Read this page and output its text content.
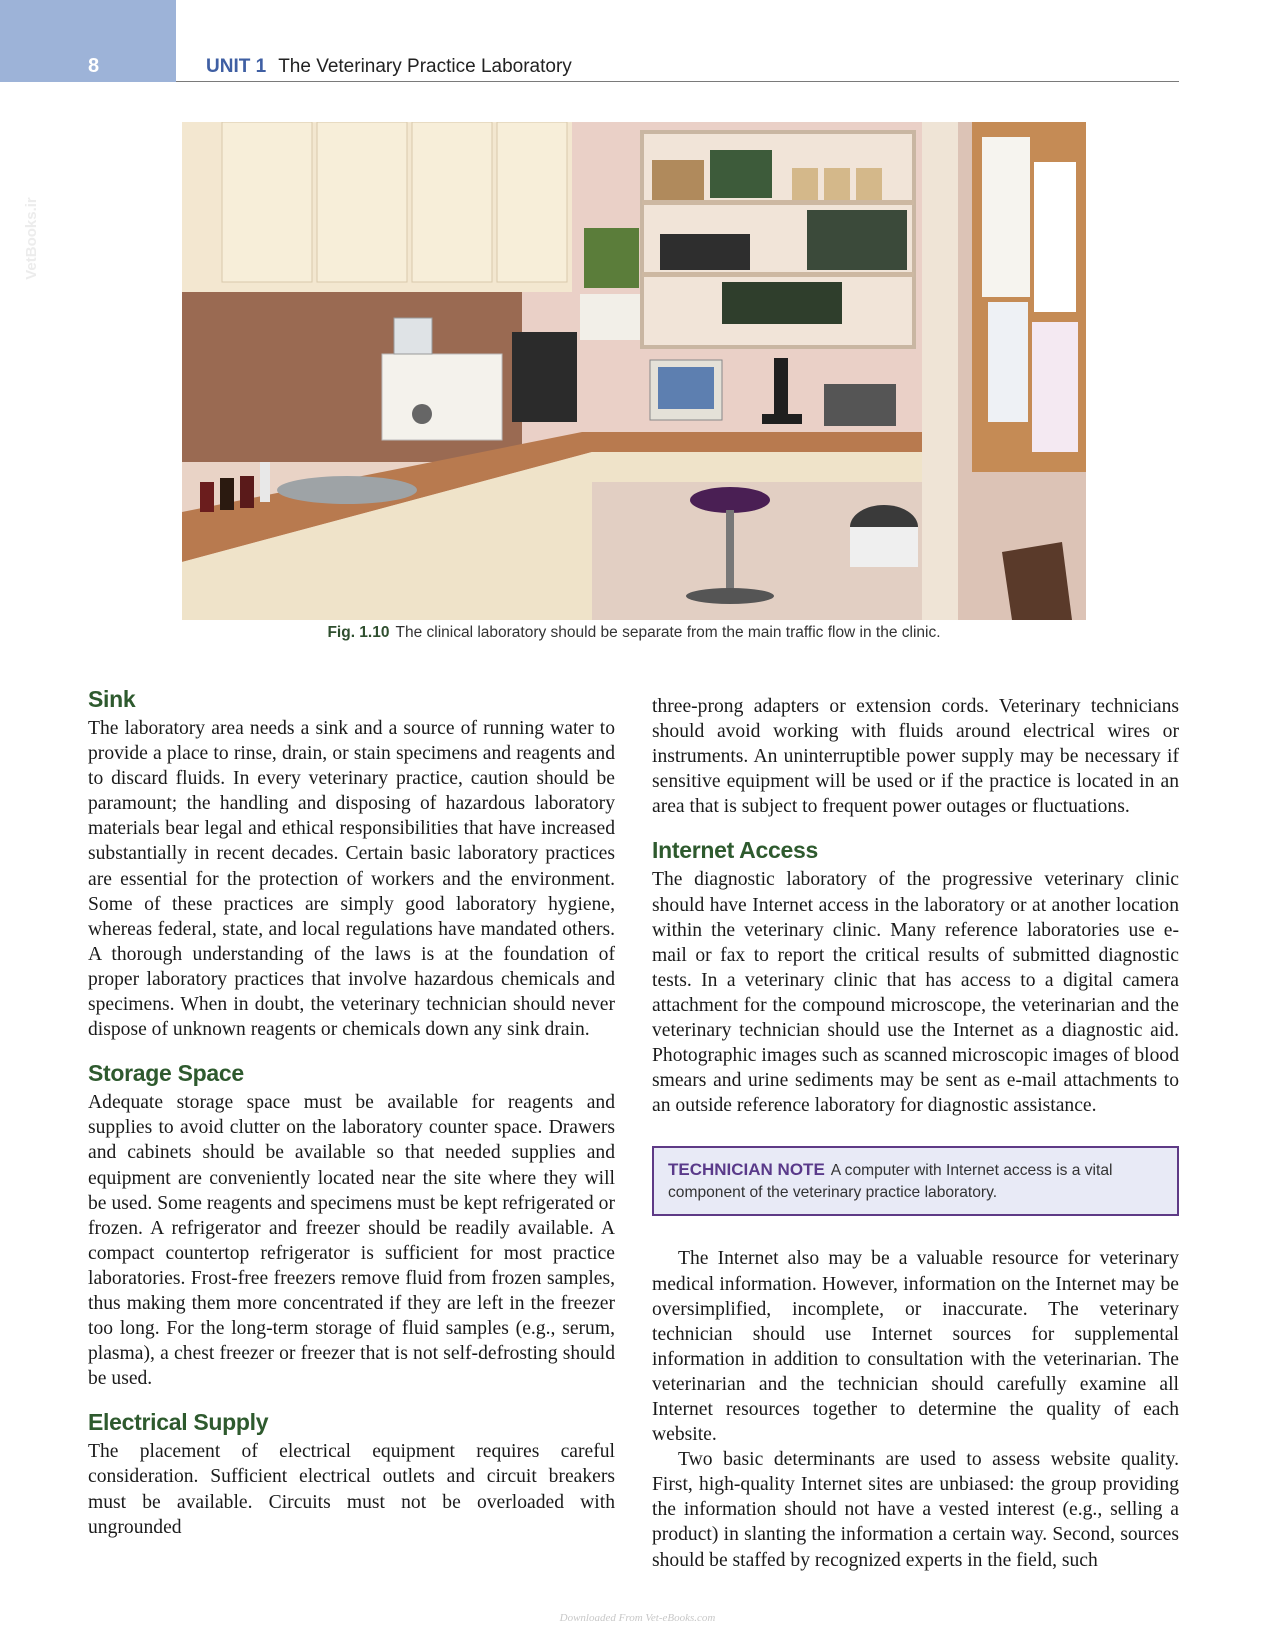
8	UNIT 1 The Veterinary Practice Laboratory
VetBooks.ir
Fig. 1.10 The clinical laboratory should be separate from the main traffic flow in the clinic.
Sink

The laboratory area needs a sink and a source of running water to provide a place to rinse, drain, or stain specimens and reagents and to discard fluids. In every veterinary practice, caution should be paramount; the handling and disposing of hazardous laboratory materials bear legal and ethical responsibilities that have increased substantially in recent decades. Certain basic laboratory practices are essential for the protection of workers and the environment. Some of these practices are simply good laboratory hygiene, whereas federal, state, and local regulations have mandated others. A thorough understanding of the laws is at the foundation of proper laboratory practices that involve hazardous chemicals and specimens. When in doubt, the veterinary technician should never dispose of unknown reagents or chemicals down any sink drain.

Storage Space

Adequate storage space must be available for reagents and supplies to avoid clutter on the laboratory counter space. Drawers and cabinets should be available so that needed supplies and equipment are conveniently located near the site where they will be used. Some reagents and specimens must be kept refrigerated or frozen. A refrigerator and freezer should be readily available. A compact countertop refrigerator is sufficient for most practice laboratories. Frost-free freezers remove fluid from frozen samples, thus making them more concentrated if they are left in the freezer too long. For the long-term storage of fluid samples (e.g., serum, plasma), a chest freezer or freezer that is not self-defrosting should be used.

Electrical Supply

The placement of electrical equipment requires careful consideration. Sufficient electrical outlets and circuit breakers must be available. Circuits must not be overloaded with ungrounded

three-prong adapters or extension cords. Veterinary technicians should avoid working with fluids around electrical wires or instruments. An uninterruptible power supply may be necessary if sensitive equipment will be used or if the practice is located in an area that is subject to frequent power outages or fluctuations.

Internet Access

The diagnostic laboratory of the progressive veterinary clinic should have Internet access in the laboratory or at another location within the veterinary clinic. Many reference laboratories use e-mail or fax to report the critical results of submitted diagnostic tests. In a veterinary clinic that has access to a digital camera attachment for the compound microscope, the veterinarian and the veterinary technician should use the Internet as a diagnostic aid. Photographic images such as scanned microscopic images of blood smears and urine sediments may be sent as e-mail attachments to an outside reference laboratory for diagnostic assistance.

TECHNICIAN NOTE A computer with Internet access is a vital component of the veterinary practice laboratory.

The Internet also may be a valuable resource for veterinary medical information. However, information on the Internet may be oversimplified, incomplete, or inaccurate. The veterinary technician should use Internet sources for supplemental information in addition to consultation with the veterinarian. The veterinarian and the technician should carefully examine all Internet resources together to determine the quality of each website.

Two basic determinants are used to assess website quality. First, high-quality Internet sites are unbiased: the group providing the information should not have a vested interest (e.g., selling a product) in slanting the information a certain way. Second, sources should be staffed by recognized experts in the field, such

Downloaded From Vet-eBooks.com
